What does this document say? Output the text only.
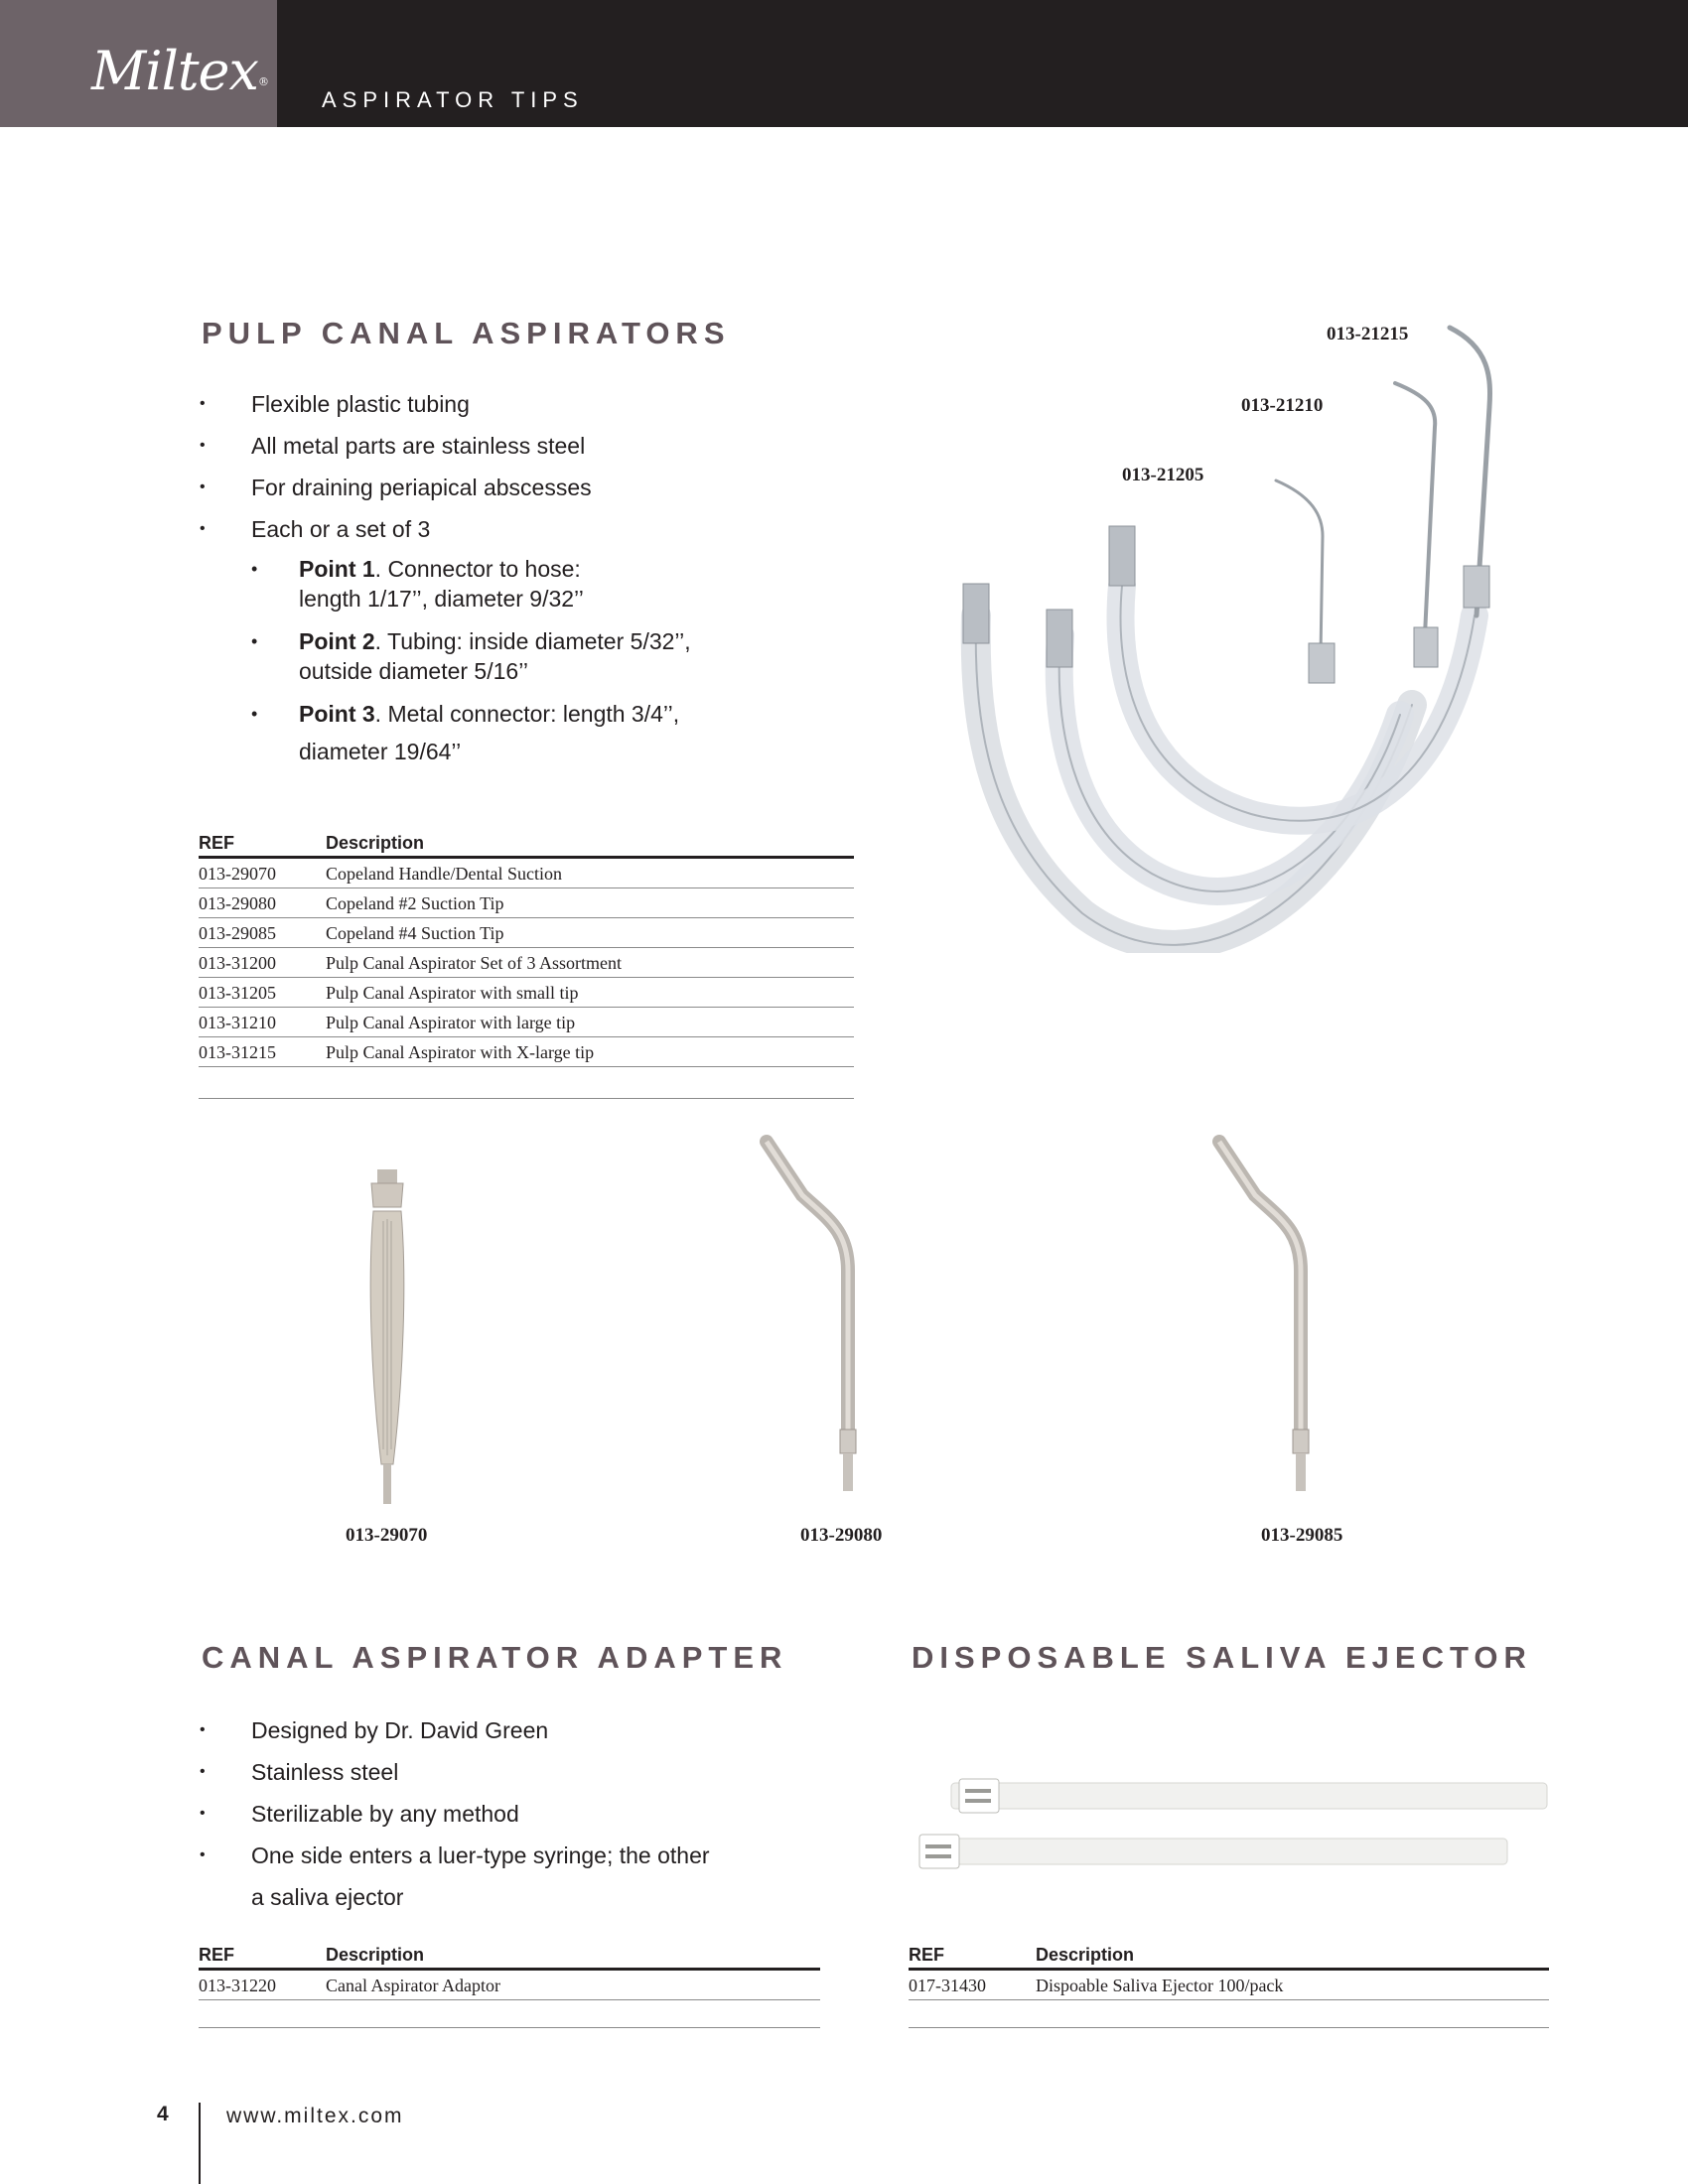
Miltex®
ASPIRATOR TIPS
PULP CANAL ASPIRATORS
• Flexible plastic tubing
• All metal parts are stainless steel
• For draining periapical abscesses
• Each or a set of 3
• Point 1. Connector to hose:
length 1/17’’, diameter 9/32’’
• Point 2. Tubing: inside diameter 5/32’’,
outside diameter 5/16’’
• Point 3. Metal connector: length 3/4’’,
diameter 19/64’’
REF	Description
013-29070	Copeland Handle/Dental Suction
013-29080	Copeland #2 Suction Tip
013-29085	Copeland #4 Suction Tip
013-31200	Pulp Canal Aspirator Set of 3 Assortment
013-31205	Pulp Canal Aspirator with small tip
013-31210	Pulp Canal Aspirator with large tip
013-31215	Pulp Canal Aspirator with X-large tip
013-21215
013-21210
013-21205
013-29070	013-29080	013-29085
CANAL ASPIRATOR ADAPTER
• Designed by Dr. David Green
• Stainless steel
• Sterilizable by any method
• One side enters a luer-type syringe; the other
a saliva ejector
REF	Description
013-31220	Canal Aspirator Adaptor
DISPOSABLE SALIVA EJECTOR
REF	Description
017-31430	Dispoable Saliva Ejector 100/pack
4	www.miltex.com
